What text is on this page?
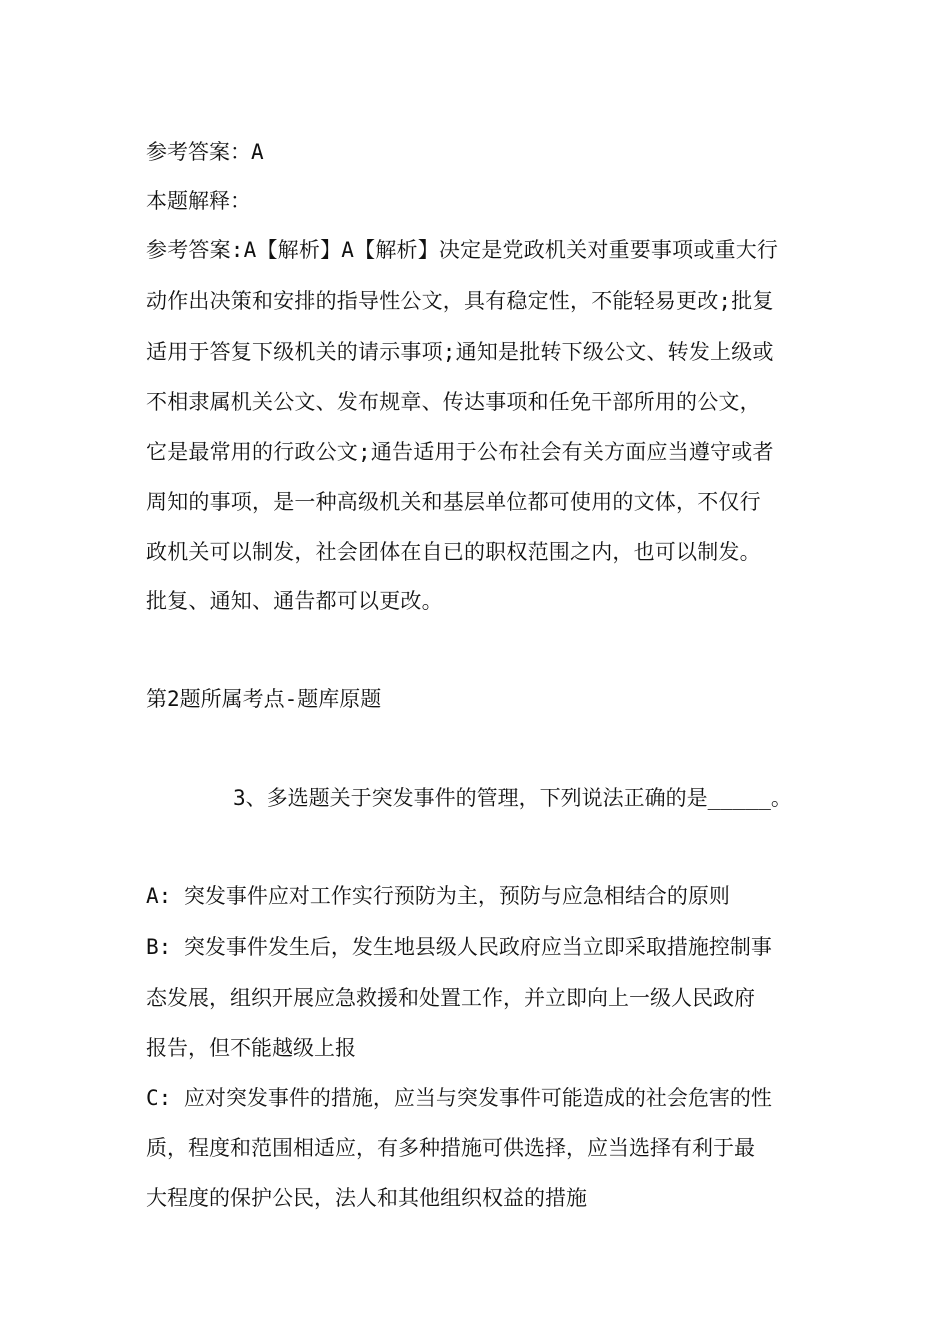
参考答案：A
本题解释：
参考答案:A【解析】A【解析】决定是党政机关对重要事项或重大行
动作出决策和安排的指导性公文，具有稳定性，不能轻易更改;批复
适用于答复下级机关的请示事项;通知是批转下级公文、转发上级或
不相隶属机关公文、发布规章、传达事项和任免干部所用的公文，
它是最常用的行政公文;通告适用于公布社会有关方面应当遵守或者
周知的事项，是一种高级机关和基层单位都可使用的文体，不仅行
政机关可以制发，社会团体在自已的职权范围之内，也可以制发。
批复、通知、通告都可以更改。
第2题所属考点-题库原题
3、多选题关于突发事件的管理，下列说法正确的是_____。
A: 突发事件应对工作实行预防为主，预防与应急相结合的原则
B: 突发事件发生后，发生地县级人民政府应当立即采取措施控制事
态发展，组织开展应急救援和处置工作，并立即向上一级人民政府
报告，但不能越级上报
C: 应对突发事件的措施，应当与突发事件可能造成的社会危害的性
质，程度和范围相适应，有多种措施可供选择，应当选择有利于最
大程度的保护公民，法人和其他组织权益的措施
